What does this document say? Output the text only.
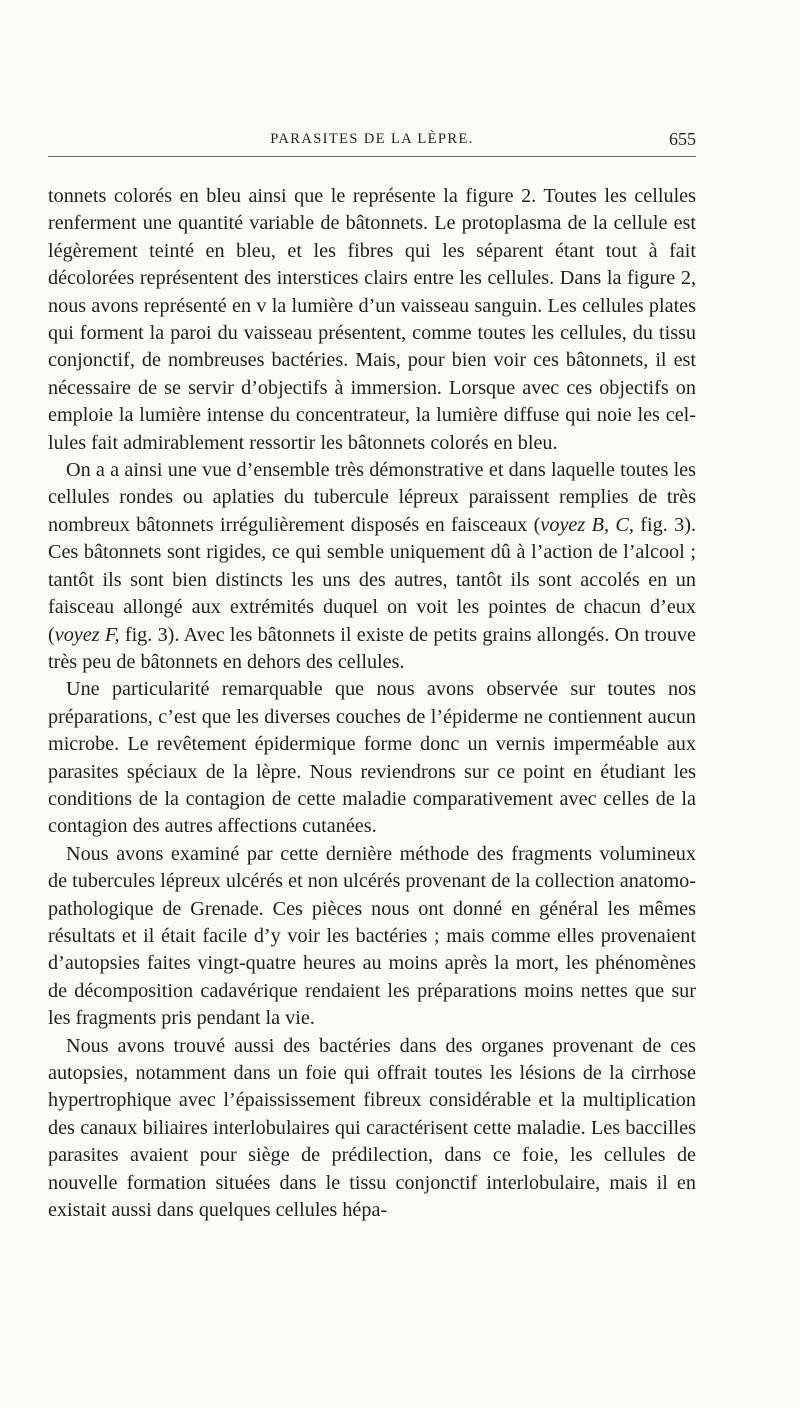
PARASITES DE LA LÈPRE.	655

tonnets colorés en bleu ainsi que le représente la figure 2. Toutes les cellules renferment une quantité variable de bâtonnets. Le protoplasma de la cellule est légèrement teinté en bleu, et les fibres qui les séparent étant tout à fait décolorées représentent des interstices clairs entre les cellules. Dans la figure 2, nous avons représenté en v la lumière d’un vaisseau sanguin. Les cellules plates qui forment la paroi du vaisseau présentent, comme toutes les cellules, du tissu conjonctif, de nombreuses bactéries. Mais, pour bien voir ces bâtonnets, il est nécessaire de se servir d’objectifs à immersion. Lorsque avec ces objectifs on emploie la lumière intense du concentrateur, la lumière diffuse qui noie les cellules fait admirablement ressortir les bâtonnets colorés en bleu.

On a a ainsi une vue d’ensemble très démonstrative et dans laquelle toutes les cellules rondes ou aplaties du tubercule lépreux paraissent remplies de très nombreux bâtonnets irrégulièrement disposés en faisceaux (voyez B, C, fig. 3). Ces bâtonnets sont rigides, ce qui semble uniquement dû à l’action de l’alcool ; tantôt ils sont bien distincts les uns des autres, tantôt ils sont accolés en un faisceau allongé aux extrémités duquel on voit les pointes de chacun d’eux (voyez F, fig. 3). Avec les bâtonnets il existe de petits grains allongés. On trouve très peu de bâtonnets en dehors des cellules.

Une particularité remarquable que nous avons observée sur toutes nos préparations, c’est que les diverses couches de l’épiderme ne contiennent aucun microbe. Le revêtement épidermique forme donc un vernis imperméable aux parasites spéciaux de la lèpre. Nous reviendrons sur ce point en étudiant les conditions de la contagion de cette maladie comparativement avec celles de la contagion des autres affections cutanées.

Nous avons examiné par cette dernière méthode des fragments volumineux de tubercules lépreux ulcérés et non ulcérés provenant de la collection anatomo-pathologique de Grenade. Ces pièces nous ont donné en général les mêmes résultats et il était facile d’y voir les bactéries ; mais comme elles provenaient d’autopsies faites vingt-quatre heures au moins après la mort, les phénomènes de décomposition cadavérique rendaient les préparations moins nettes que sur les fragments pris pendant la vie.

Nous avons trouvé aussi des bactéries dans des organes provenant de ces autopsies, notamment dans un foie qui offrait toutes les lésions de la cirrhose hypertrophique avec l’épaississement fibreux considérable et la multiplication des canaux biliaires interlobulaires qui caractérisent cette maladie. Les baccilles parasites avaient pour siège de prédilection, dans ce foie, les cellules de nouvelle formation situées dans le tissu conjonctif interlobulaire, mais il en existait aussi dans quelques cellules hépa-
